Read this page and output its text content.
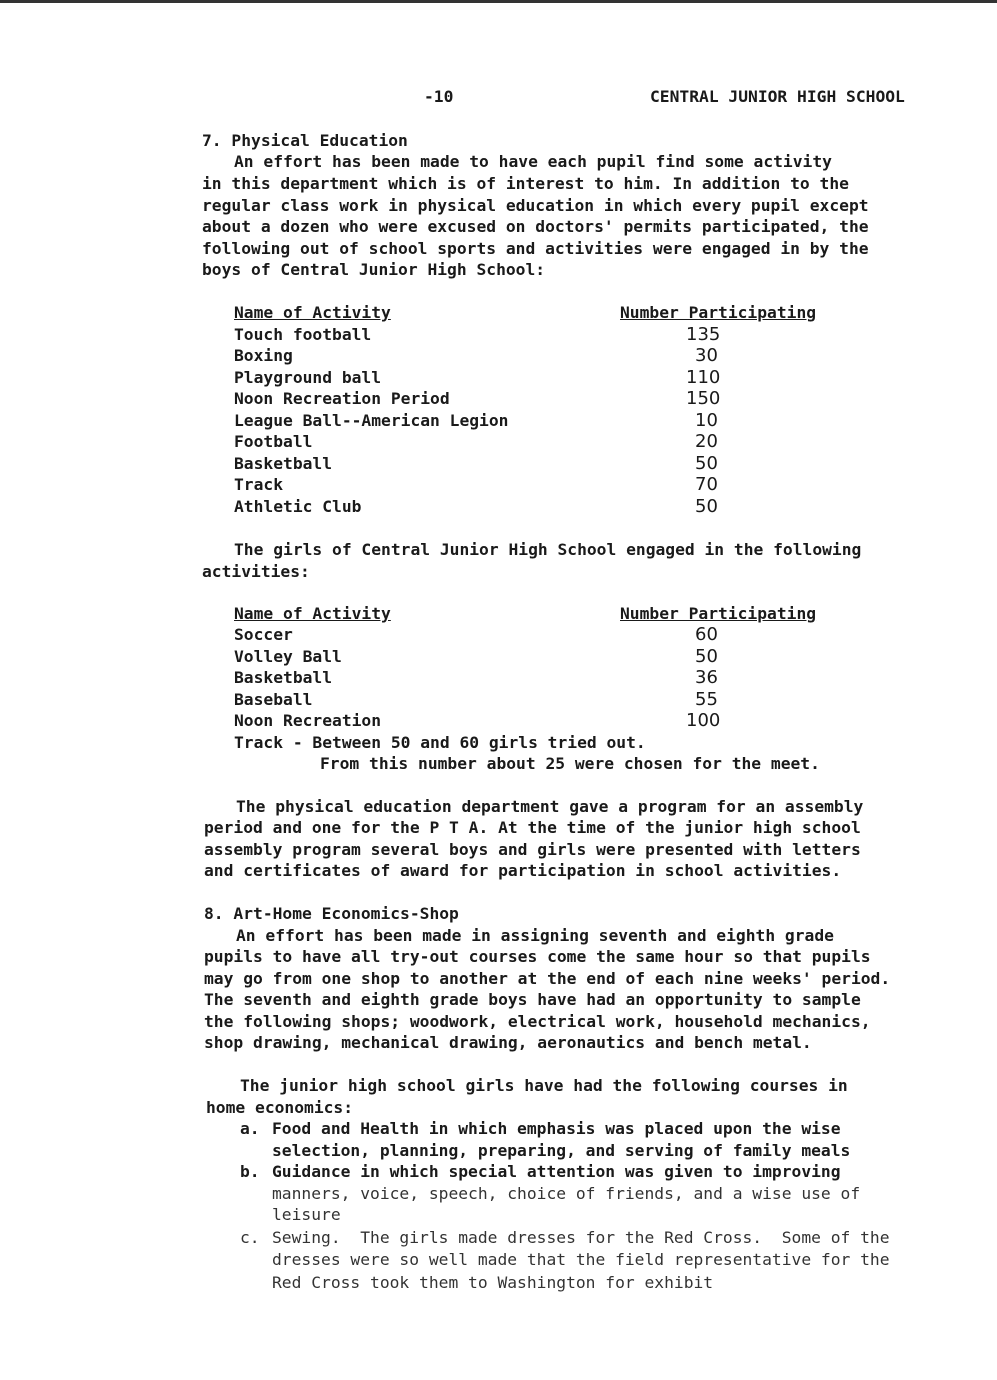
-10	CENTRAL JUNIOR HIGH SCHOOL
7. Physical Education
An effort has been made to have each pupil find some activity
in this department which is of interest to him. In addition to the
regular class work in physical education in which every pupil except
about a dozen who were excused on doctors' permits participated, the
following out of school sports and activities were engaged in by the
boys of Central Junior High School:
Name of Activity	Number Participating
Touch football	135
Boxing	30
Playground ball	110
Noon Recreation Period	150
League Ball--American Legion	10
Football	20
Basketball	50
Track	70
Athletic Club	50
The girls of Central Junior High School engaged in the following
activities:
Name of Activity	Number Participating
Soccer	60
Volley Ball	50
Basketball	36
Baseball	55
Noon Recreation	100
Track - Between 50 and 60 girls tried out.
From this number about 25 were chosen for the meet.
The physical education department gave a program for an assembly
period and one for the P T A. At the time of the junior high school
assembly program several boys and girls were presented with letters
and certificates of award for participation in school activities.
8. Art-Home Economics-Shop
An effort has been made in assigning seventh and eighth grade
pupils to have all try-out courses come the same hour so that pupils
may go from one shop to another at the end of each nine weeks' period.
The seventh and eighth grade boys have had an opportunity to sample
the following shops; woodwork, electrical work, household mechanics,
shop drawing, mechanical drawing, aeronautics and bench metal.
The junior high school girls have had the following courses in
home economics:
a. Food and Health in which emphasis was placed upon the wise
selection, planning, preparing, and serving of family meals
b. Guidance in which special attention was given to improving
manners, voice, speech, choice of friends, and a wise use of
leisure
c. Sewing.  The girls made dresses for the Red Cross.  Some of the
dresses were so well made that the field representative for the
Red Cross took them to Washington for exhibit
